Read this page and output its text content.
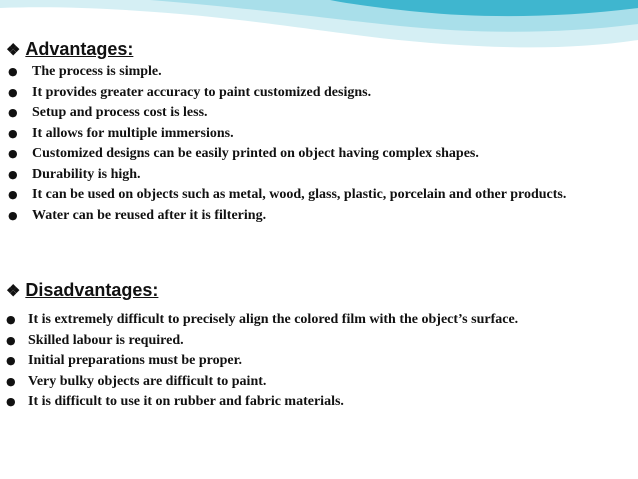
❖ Advantages:
● The process is simple.
● It provides greater accuracy to paint customized designs.
● Setup and process cost is less.
● It allows for multiple immersions.
● Customized designs can be easily printed on object having complex shapes.
● Durability is high.
● It can be used on objects such as metal, wood, glass, plastic, porcelain and other products.
● Water can be reused after it is filtering.
❖ Disadvantages:
● It is extremely difficult to precisely align the colored film with the object’s surface.
● Skilled labour is required.
● Initial preparations must be proper.
● Very bulky objects are difficult to paint.
● It is difficult to use it on rubber and fabric materials.
